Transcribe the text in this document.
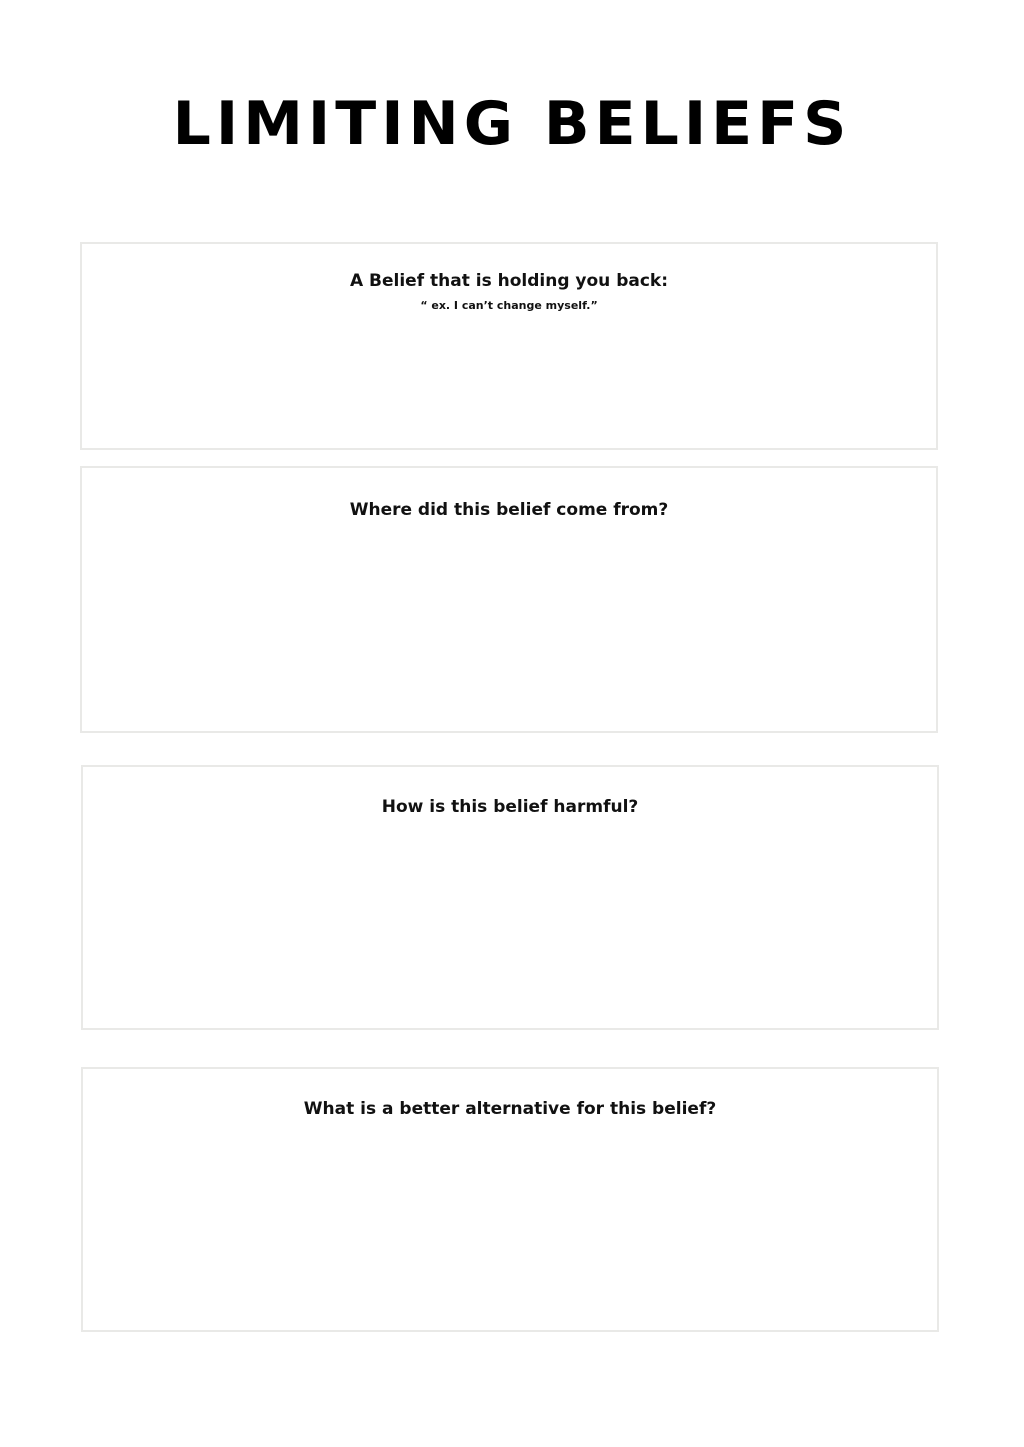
LIMITING BELIEFS

A Belief that is holding you back:

“ ex. I can’t change myself.”

Where did this belief come from?

How is this belief harmful?

What is a better alternative for this belief?
